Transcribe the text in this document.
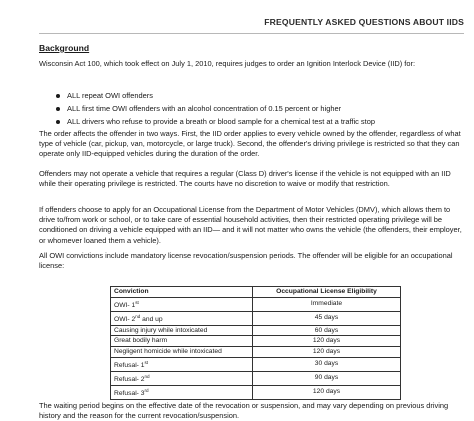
FREQUENTLY ASKED QUESTIONS ABOUT IIDS
Background

Wisconsin Act 100, which took effect on July 1, 2010, requires judges to order an Ignition Interlock Device (IID) for:

ALL repeat OWI offenders
ALL first time OWI offenders with an alcohol concentration of 0.15 percent or higher
ALL drivers who refuse to provide a breath or blood sample for a chemical test at a traffic stop

The order affects the offender in two ways. First, the IID order applies to every vehicle owned by the offender, regardless of what type of vehicle (car, pickup, van, motorcycle, or large truck). Second, the offender's driving privilege is restricted so that they can operate only IID-equipped vehicles during the duration of the order.

Offenders may not operate a vehicle that requires a regular (Class D) driver's license if the vehicle is not equipped with an IID while their operating privilege is restricted. The courts have no discretion to waive or modify that restriction.

If offenders choose to apply for an Occupational License from the Department of Motor Vehicles (DMV), which allows them to drive to/from work or school, or to take care of essential household activities, then their restricted operating privilege will be conditioned on driving a vehicle equipped with an IID— and it will not matter who owns the vehicle (the offenders, their employer, or whomever loaned them a vehicle).

All OWI convictions include mandatory license revocation/suspension periods. The offender will be eligible for an occupational license:

Conviction	Occupational License Eligibility
OWI- 1st	Immediate
OWI- 2nd and up	45 days
Causing injury while intoxicated	60 days
Great bodily harm	120 days
Negligent homicide while intoxicated	120 days
Refusal- 1st	30 days
Refusal- 2nd	90 days
Refusal- 3rd	120 days

The waiting period begins on the effective date of the revocation or suspension, and may vary depending on previous driving history and the reason for the current revocation/suspension.
